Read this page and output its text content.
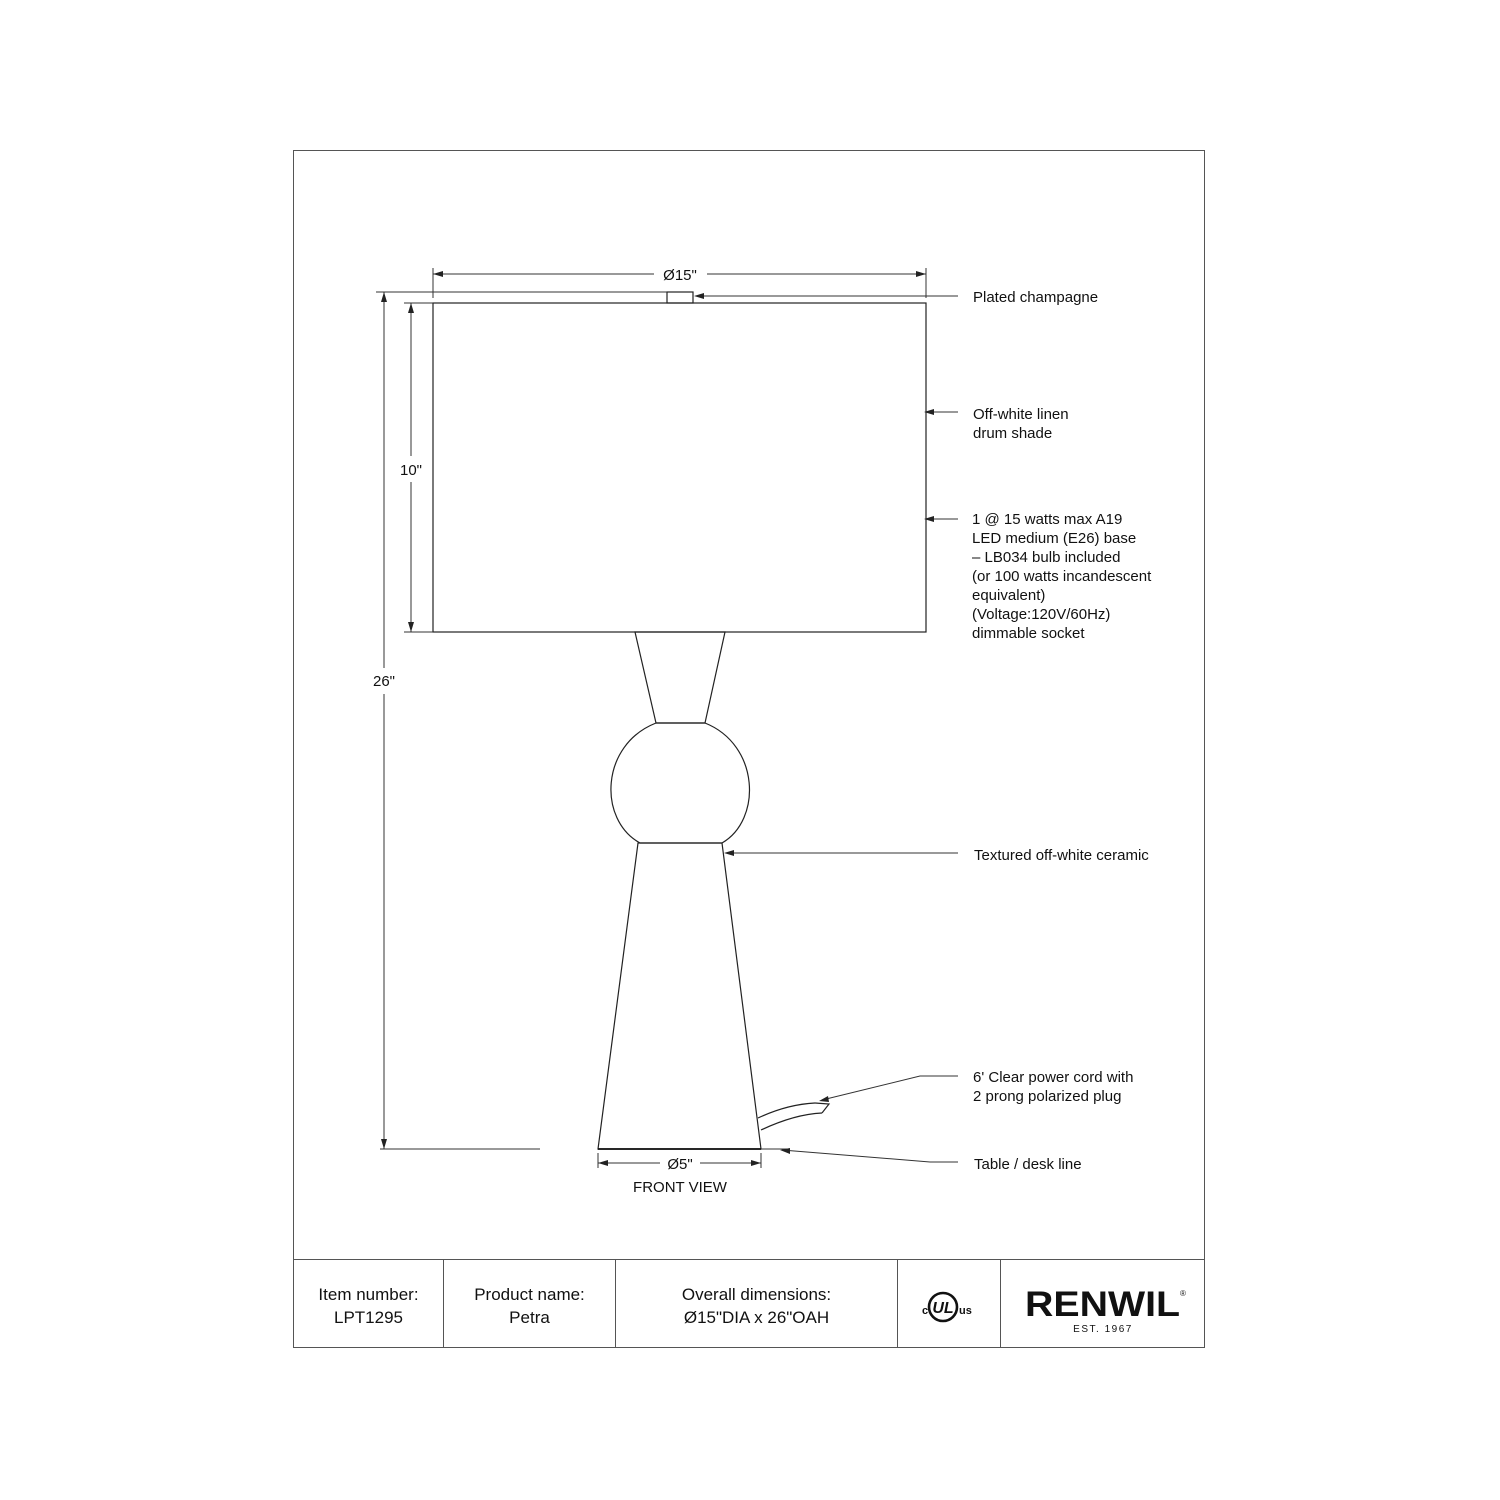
Ø15"
26"
10"
Ø5"
FRONT VIEW
Plated champagne
Off-white linen drum shade
1 @ 15 watts max A19 LED medium (E26) base – LB034 bulb included (or 100 watts incandescent equivalent) (Voltage:120V/60Hz) dimmable socket
Textured off-white ceramic
6' Clear power cord with 2 prong polarized plug
Table / desk line
Item number:
LPT1295
Product name:
Petra
Overall dimensions:
Ø15"DIA x 26"OAH	c UL us RENWIL ®
EST. 1967
